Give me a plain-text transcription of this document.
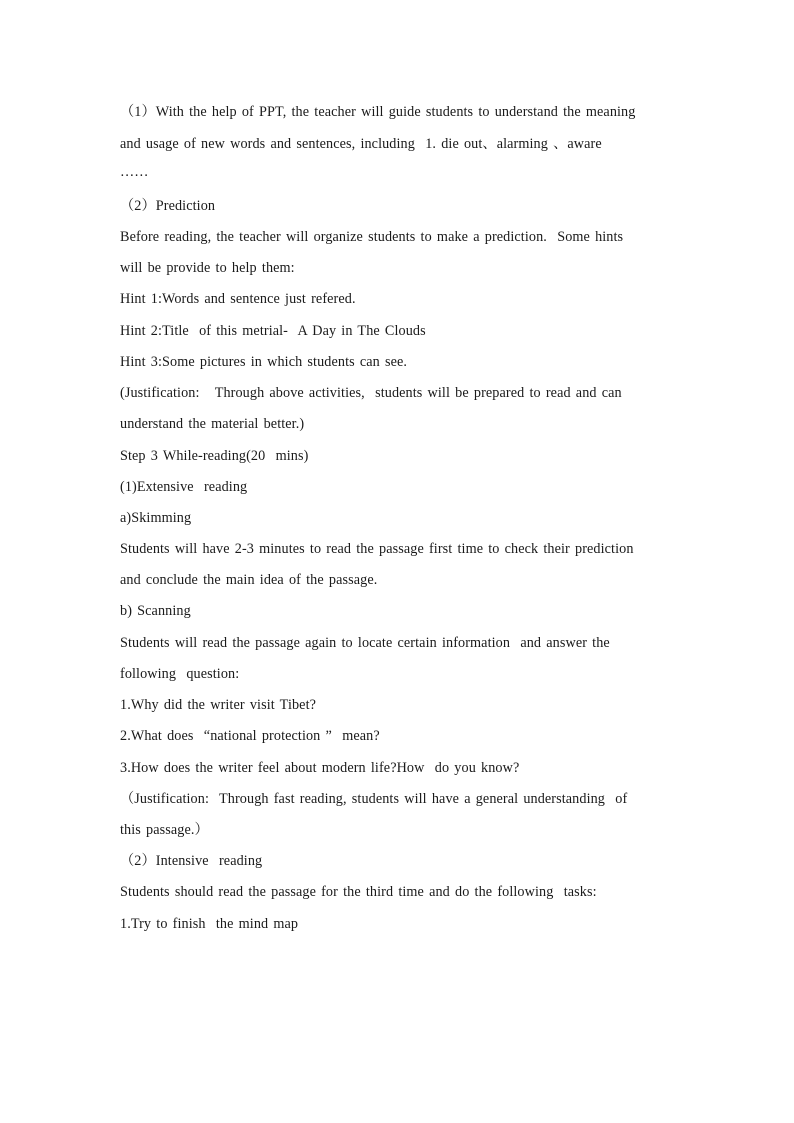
（1）With the help of PPT, the teacher will guide students to understand the meaning
and usage of new words and sentences, including  1. die out、alarming 、aware
……
（2）Prediction
Before reading, the teacher will organize students to make a prediction.  Some hints
will be provide to help them:
Hint 1:Words and sentence just refered.
Hint 2:Title  of this metrial-  A Day in The Clouds
Hint 3:Some pictures in which students can see.
(Justification:   Through above activities,  students will be prepared to read and can
understand the material better.)
Step 3 While-reading(20  mins)
(1)Extensive  reading
a)Skimming
Students will have 2-3 minutes to read the passage first time to check their prediction
and conclude the main idea of the passage.
b) Scanning
Students will read the passage again to locate certain information  and answer the
following  question:
1.Why did the writer visit Tibet?
2.What does  “national protection ”  mean?
3.How does the writer feel about modern life?How  do you know?
（Justification:  Through fast reading, students will have a general understanding  of
this passage.）
（2）Intensive  reading
Students should read the passage for the third time and do the following  tasks:
1.Try to finish  the mind map
